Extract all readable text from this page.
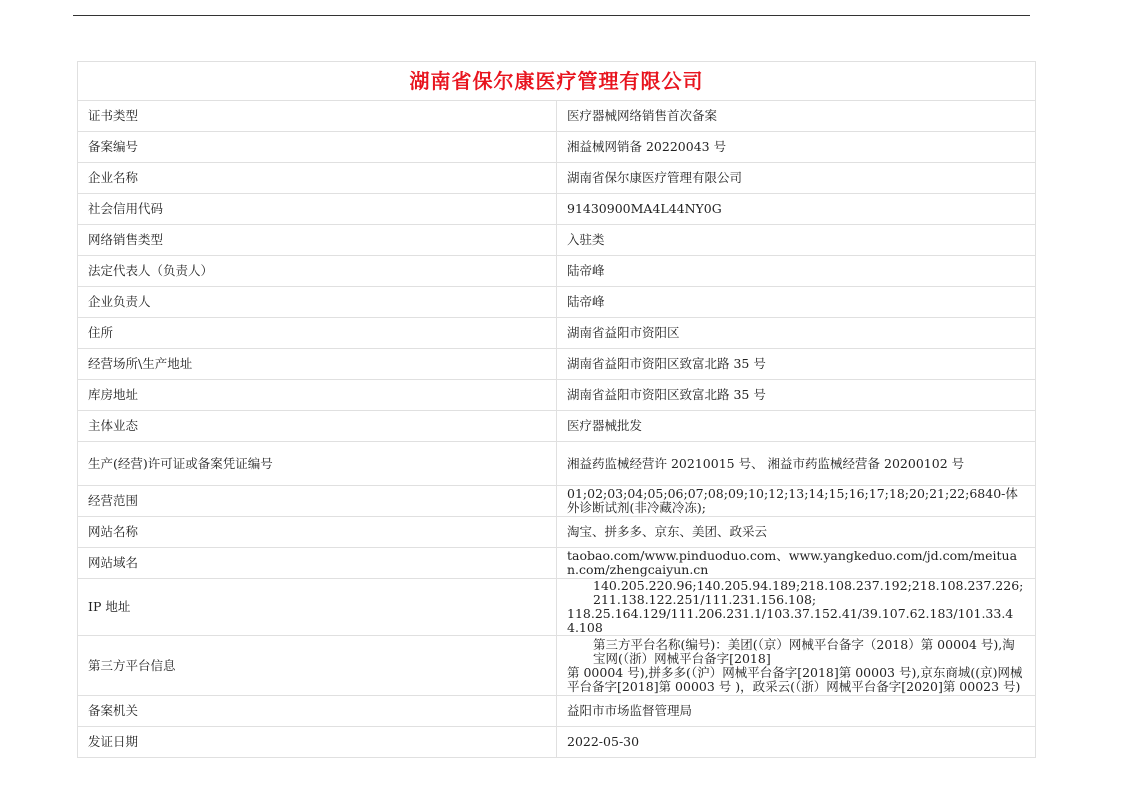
湖南省保尔康医疗管理有限公司	
证书类型	医疗器械网络销售首次备案
备案编号	湘益械网销备 20220043 号
企业名称	湖南省保尔康医疗管理有限公司
社会信用代码	91430900MA4L44NY0G
网络销售类型	入驻类
法定代表人（负责人）	陆帝峰
企业负责人	陆帝峰
住所	湖南省益阳市资阳区
经营场所\生产地址	湖南省益阳市资阳区致富北路 35 号
库房地址	湖南省益阳市资阳区致富北路 35 号
主体业态	医疗器械批发
生产(经营)许可证或备案凭证编号	湘益药监械经营许 20210015 号、 湘益市药监械经营备 20200102 号
经营范围	01;02;03;04;05;06;07;08;09;10;12;13;14;15;16;17;18;20;21;22;6840-体外诊断试剂(非冷藏冷冻);
网站名称	淘宝、拼多多、京东、美团、政采云
网站域名	taobao.com/www.pinduoduo.com、www.yangkeduo.com/jd.com/meituan.com/zhengcaiyun.cn
IP 地址	140.205.220.96;140.205.94.189;218.108.237.192;218.108.237.226;211.138.122.251/111.231.156.108;
118.25.164.129/111.206.231.1/103.37.152.41/39.107.62.183/101.33.44.108

第三方平台信息	第三方平台名称(编号)：美团(（京）网械平台备字（2018）第 00004 号),淘宝网(（浙）网械平台备字[2018]
第 00004 号),拼多多(（沪）网械平台备字[2018]第 00003 号),京东商城((京)网械平台备字[2018]第 00003 号 )，政采云(（浙）网械平台备字[2020]第 00023 号)

备案机关	益阳市市场监督管理局
发证日期	2022-05-30
